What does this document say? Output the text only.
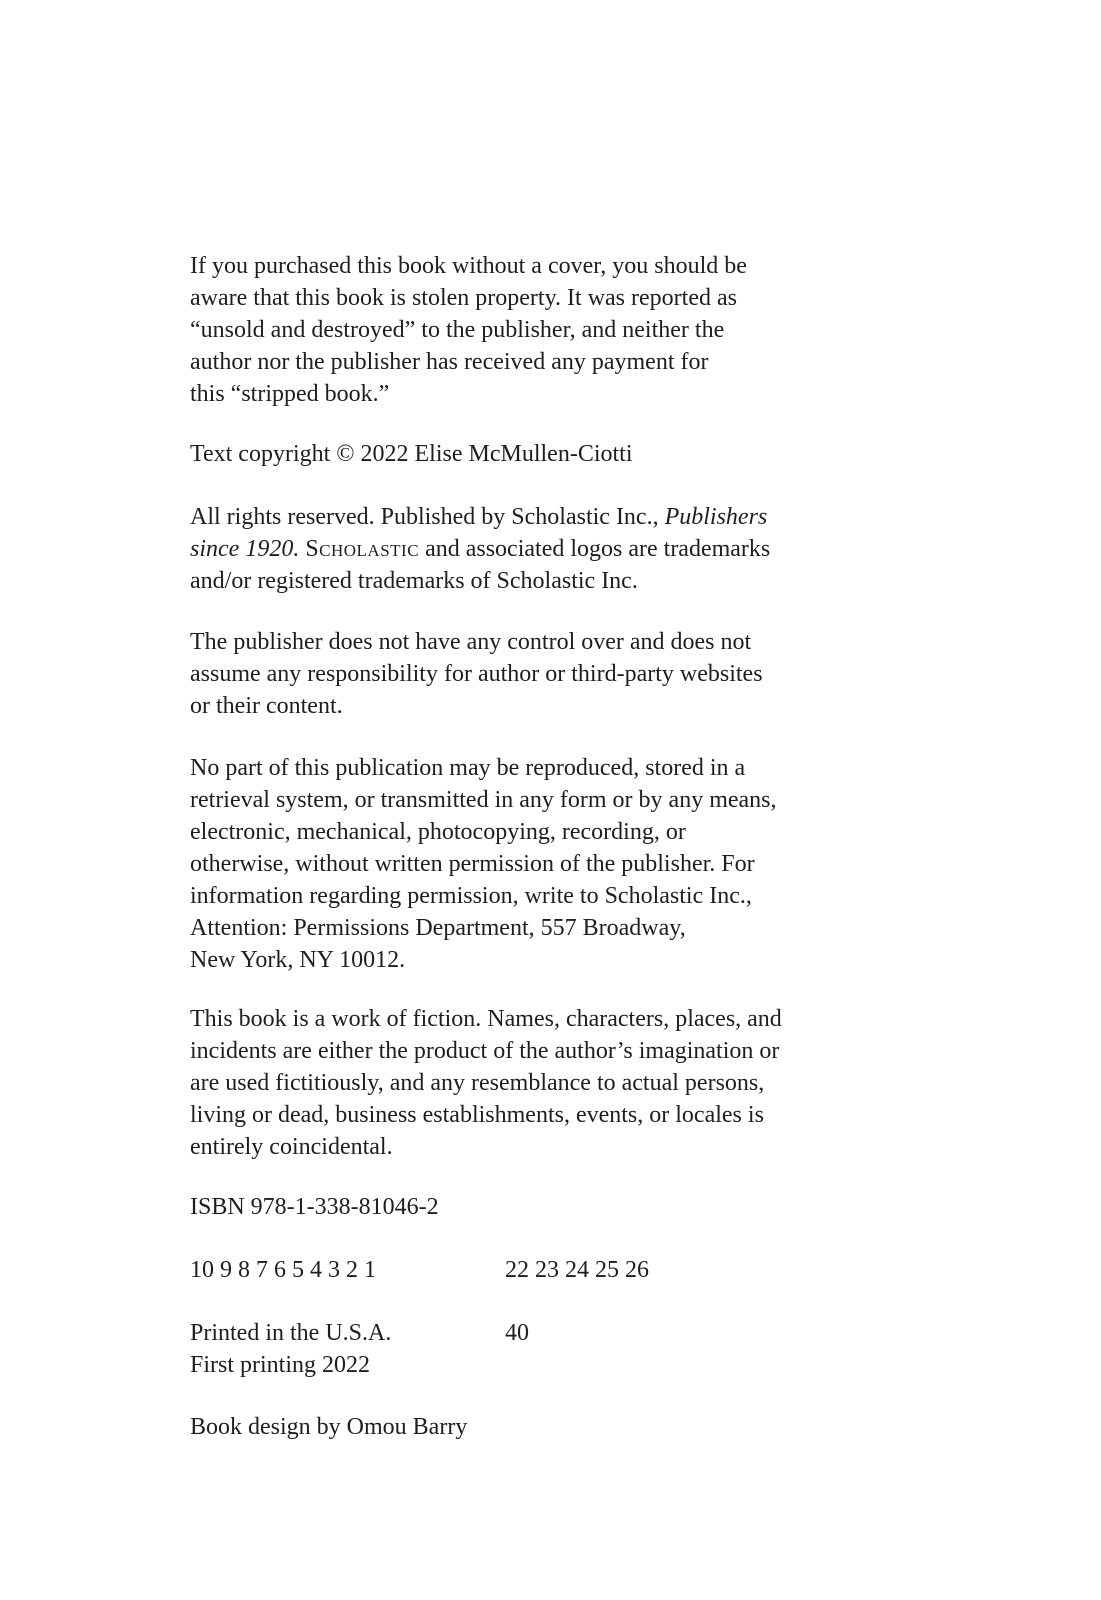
If you purchased this book without a cover, you should be
aware that this book is stolen property. It was reported as
“unsold and destroyed” to the publisher, and neither the
author nor the publisher has received any payment for
this “stripped book.”

Text copyright © 2022 Elise McMullen-Ciotti

All rights reserved. Published by Scholastic Inc., Publishers
since 1920. Scholastic and associated logos are trademarks
and/or registered trademarks of Scholastic Inc.

The publisher does not have any control over and does not
assume any responsibility for author or third-party websites
or their content.

No part of this publication may be reproduced, stored in a
retrieval system, or transmitted in any form or by any means,
electronic, mechanical, photocopying, recording, or
otherwise, without written permission of the publisher. For
information regarding permission, write to Scholastic Inc.,
Attention: Permissions Department, 557 Broadway,
New York, NY 10012.

This book is a work of fiction. Names, characters, places, and
incidents are either the product of the author’s imagination or
are used fictitiously, and any resemblance to actual persons,
living or dead, business establishments, events, or locales is
entirely coincidental.

ISBN 978-1-338-81046-2

10 9 8 7 6 5 4 3 2 1	22 23 24 25 26

Printed in the U.S.A.	40
First printing 2022

Book design by Omou Barry
